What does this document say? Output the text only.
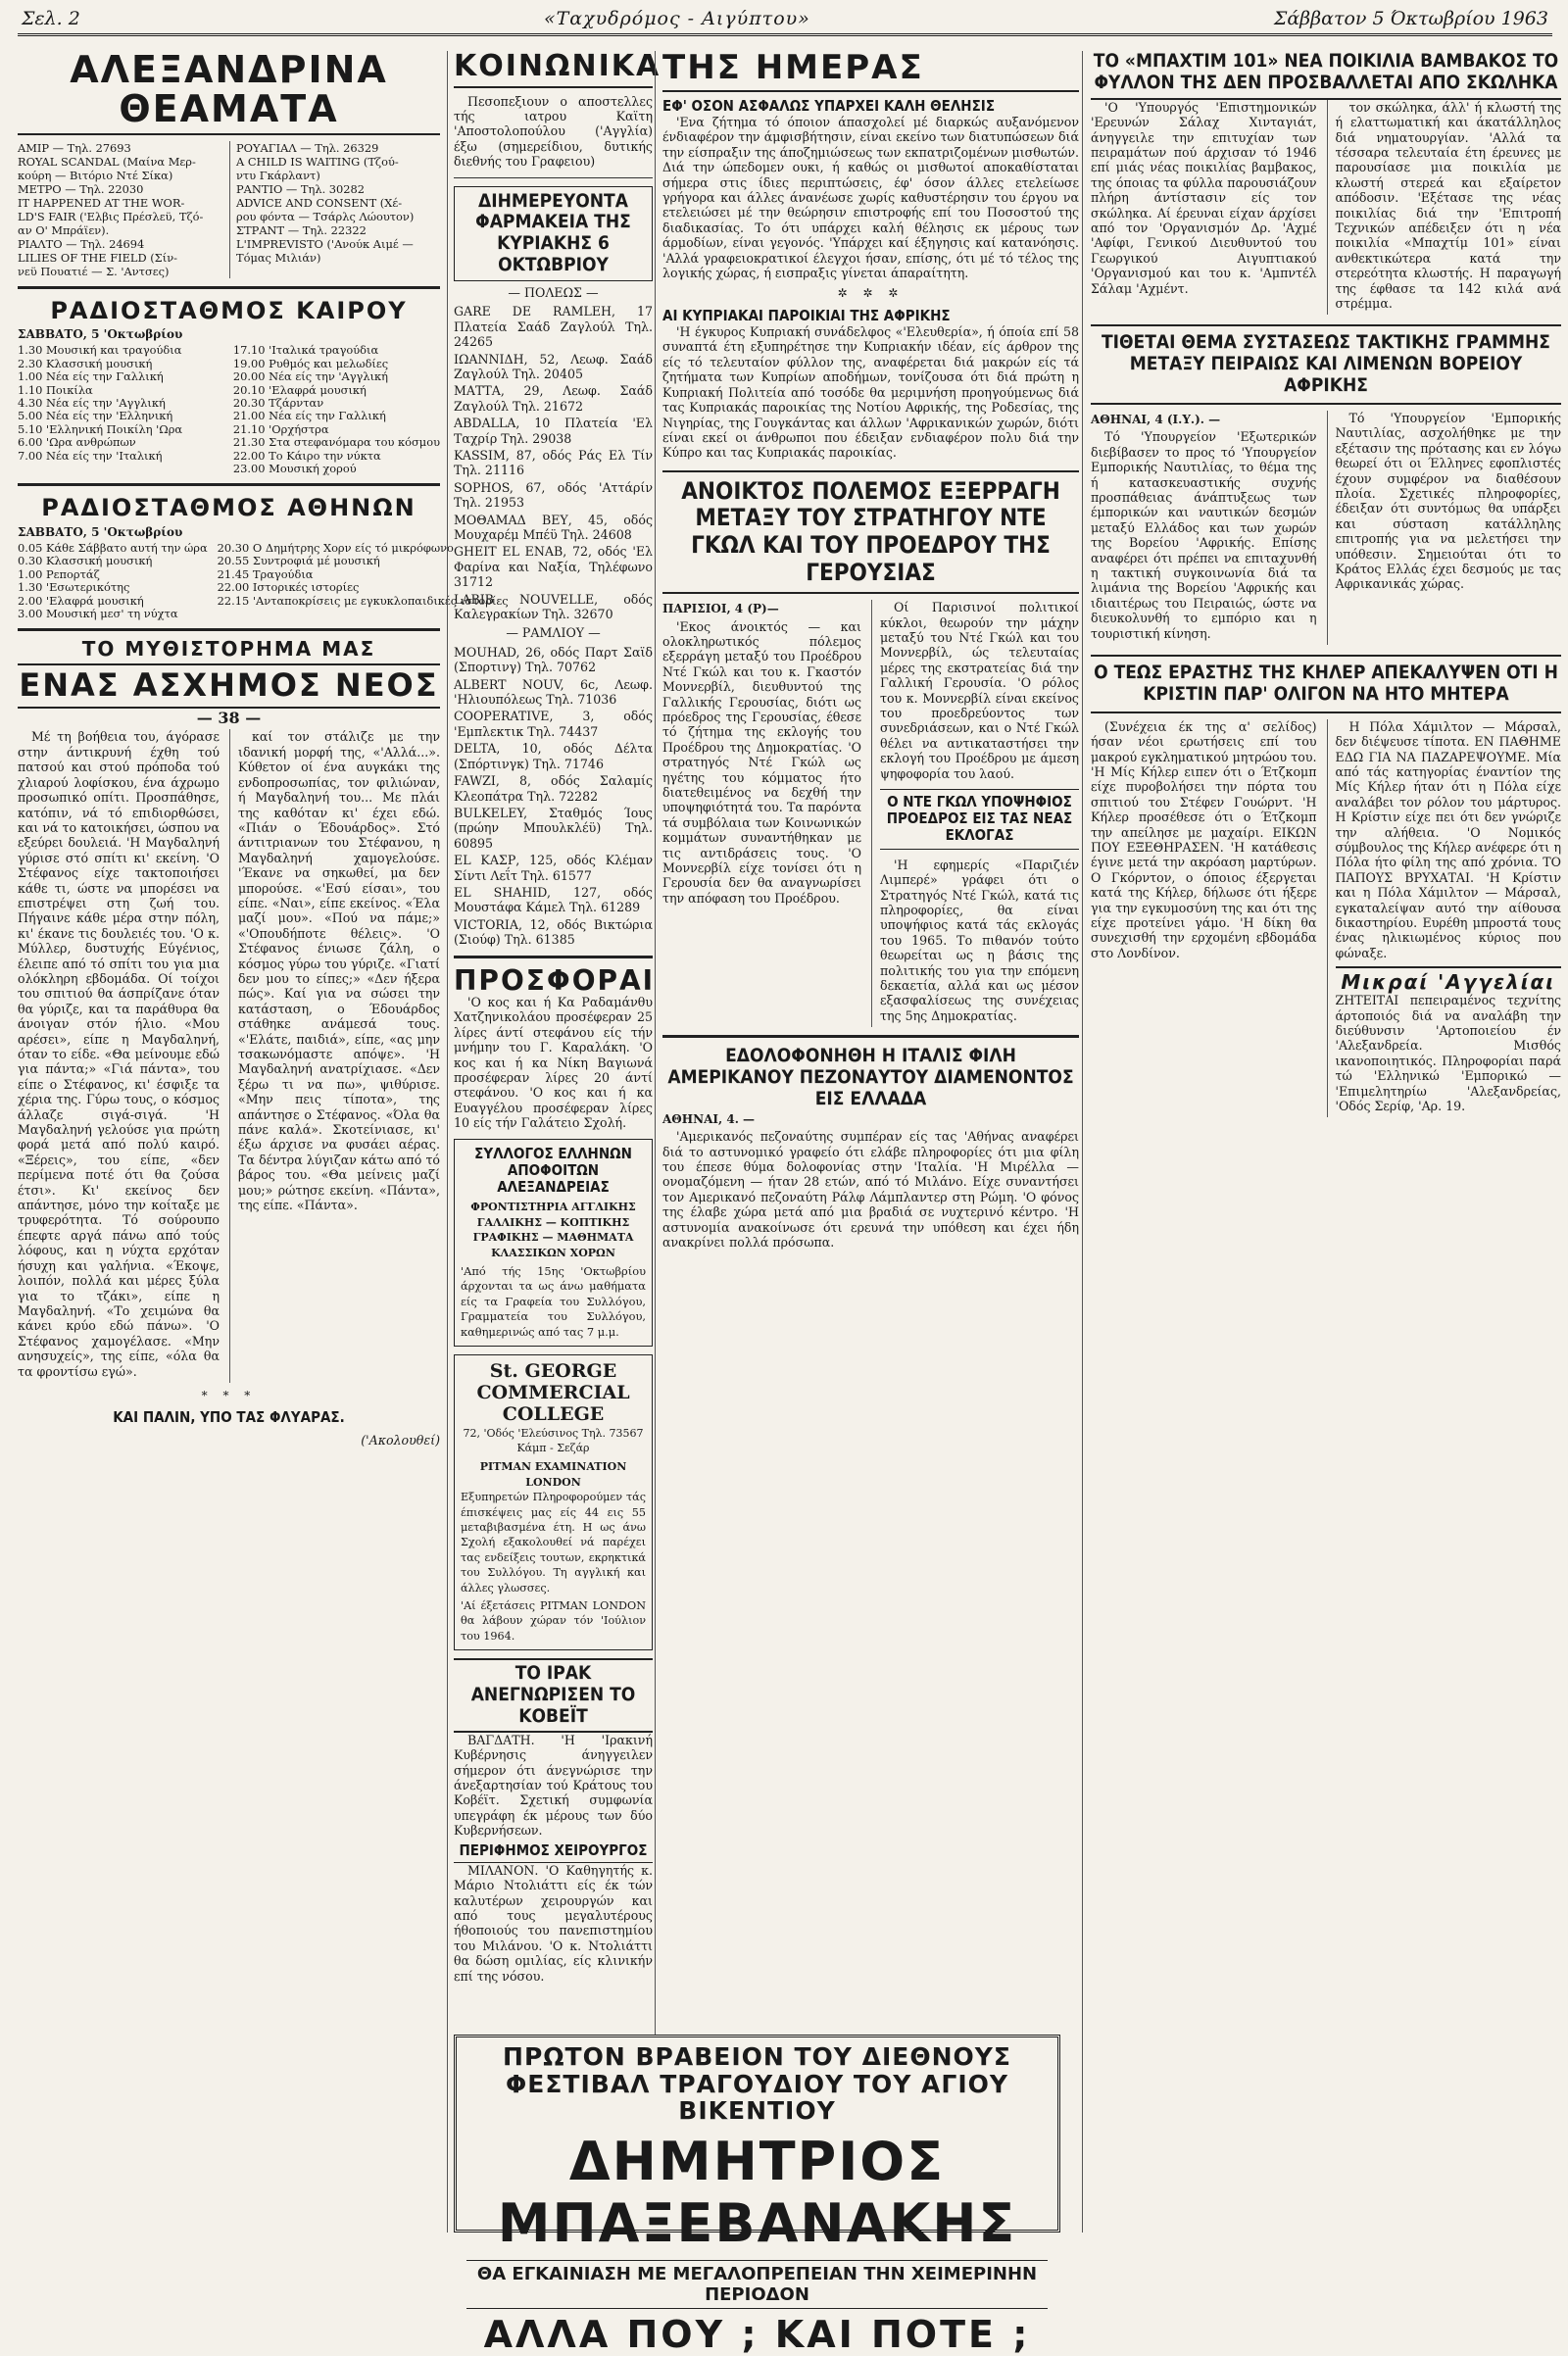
Σελ. 2	«Ταχυδρόμος - Αιγύπτου»	Σάββατον 5 Όκτωβρίου 1963
ΑΛΕΞΑΝΔΡΙΝΑ ΘΕΑΜΑΤΑ
ΑΜΙΡ — Τηλ. 27693
ROYAL SCANDAL (Μαίνα Μερ-
κούρη — Βιτόριο Ντέ Σίκα)
ΜΕΤΡΟ — Τηλ. 22030
IT HAPPENED AT THE WOR-
LD'S FAIR ('Ελβις Πρέσλεϋ, Τζό-
αν Ο' Μπράϊεν).
ΡΙΑΛΤΟ — Τηλ. 24694
LILIES OF THE FIELD (Σίν-
νεϋ Πουατιέ — Σ. 'Αντσες)
ΡΟΥΑΓΙΑΛ — Τηλ. 26329
A CHILD IS WAITING (Τζού-
ντυ Γκάρλαντ)
ΡΑΝΤΙΟ — Τηλ. 30282
ADVICE AND CONSENT (Χέ-
ρου φόντα — Τσάρλς Λώουτον)
ΣΤΡΑΝΤ — Τηλ. 22322
L'IMPREVISTO ('Ανούκ Αιμέ —
Τόμας Μιλιάν)
ΡΑΔΙΟΣΤΑΘΜΟΣ ΚΑΙΡΟΥ
ΣΑΒΒΑΤΟ, 5 'Οκτωβρίου
1.30 Μουσική και τραγούδια
2.30 Κλασσική μουσική
1.00 Νέα είς την Γαλλική
1.10 Ποικίλα
4.30 Νέα είς την 'Αγγλική
5.00 Νέα είς την 'Ελληνική
5.10 'Ελληνική Ποικίλη 'Ωρα
6.00 'Ωρα ανθρώπων
7.00 Νέα είς την 'Ιταλική
17.10 'Ιταλικά τραγούδια
19.00 Ρυθμός και μελωδίες
20.00 Νέα είς την 'Αγγλική
20.10 'Ελαφρά μουσική
20.30 Τζάρνταν
21.00 Νέα είς την Γαλλική
21.10 'Ορχήστρα
21.30 Στα στεφανόμαρα του κόσμου
22.00 Το Κάιρο την νύκτα
23.00 Μουσική χορού
ΡΑΔΙΟΣΤΑΘΜΟΣ ΑΘΗΝΩΝ
ΣΑΒΒΑΤΟ, 5 'Οκτωβρίου
0.05 Κάθε Σάββατο αυτή την ώρα
0.30 Κλασσική μουσική
1.00 Ρεπορτάζ
1.30 'Εσωτερικότης
2.00 'Ελαφρά μουσική
3.00 Μουσική μεσ' τη νύχτα
20.30 Ο Δημήτρης Χορν είς τό μικρόφωνο
20.55 Συντροφιά μέ μουσική
21.45 Τραγούδια
22.00 Ιστορικές ιστορίες
22.15 'Ανταποκρίσεις με εγκυκλοπαιδικές ιστορίες
ΤΟ ΜΥΘΙΣΤΟΡΗΜΑ ΜΑΣ
ΕΝΑΣ ΑΣΧΗΜΟΣ ΝΕΟΣ
— 38 —

Μέ τη βοήθεια του, άγόρασε στην άντικρυνή έχθη τού πατσού και στού πρόποδα τού χλιαρού λοφίσκου, ένα άχρωμο προσωπικό οπίτι. Προσπάθησε, κατόπιν, νά τό επιδιορθώσει, και νά το κατοικήσει, ώσπου να εξεύρει δουλειά. 'Η Μαγδαληνή γύρισε στό σπίτι κι' εκείνη. 'Ο Στέφανος είχε τακτοποιήσει κάθε τι, ώστε να μπορέσει να επιστρέψει στη ζωή του. Πήγαινε κάθε μέρα στην πόλη, κι' έκανε τις δουλειές του. 'Ο κ. Μύλλερ, δυστυχής Εύγένιος, έλειπε από τό σπίτι του για μια ολόκληρη εβδομάδα. Οί τοίχοι του σπιτιού θα άσπρίζανε όταν θα γύριζε, και τα παράθυρα θα άνοιγαν στόν ήλιο. «Μου αρέσει», είπε η Μαγδαληνή, όταν το είδε. «Θα μείνουμε εδώ για πάντα;» «Γιά πάντα», του είπε ο Στέφανος, κι' έσφιξε τα χέρια της. Γύρω τους, ο κόσμος άλλαζε σιγά-σιγά. 'Η Μαγδαληνή γελούσε για πρώτη φορά μετά από πολύ καιρό. «Ξέρεις», του είπε, «δεν περίμενα ποτέ ότι θα ζούσα έτσι». Κι' εκείνος δεν απάντησε, μόνο την κοίταξε με τρυφερότητα. Τό σούρουπο έπεφτε αργά πάνω από τούς λόφους, και η νύχτα ερχόταν ήσυχη και γαλήνια. «Έκοψε, λοιπόν, πολλά και μέρες ξύλα για το τζάκι», είπε η Μαγδαληνή. «Το χειμώνα θα κάνει κρύο εδώ πάνω». 'Ο Στέφανος χαμογέλασε. «Μην ανησυχείς», της είπε, «όλα θα τα φροντίσω εγώ».

καί τον στάλιζε με την ιδανική μορφή της, «'Αλλά...». Κύθετον οί ένα αυγκάκι της ενδοπροσωπίας, τον φιλιώναν, ή Μαγδαληνή του... Με πλάι της καθόταν κι' έχει εδώ. «Πιάν ο Έδουάρδος». Στό άντιτριανων του Στέφανου, η Μαγδαληνή χαμογελούσε. 'Έκανε να σηκωθεί, μα δεν μπορούσε. «'Εσύ είσαι», του είπε. «Ναι», είπε εκείνος. «Έλα μαζί μου». «Πού να πάμε;» «'Οπουδήποτε θέλεις». 'Ο Στέφανος ένιωσε ζάλη, ο κόσμος γύρω του γύριζε. «Γιατί δεν μου το είπες;» «Δεν ήξερα πώς». Καί για να σώσει την κατάσταση, ο Έδουάρδος στάθηκε ανάμεσά τους. «'Ελάτε, παιδιά», είπε, «ας μην τσακωνόμαστε απόψε». 'Η Μαγδαληνή ανατρίχιασε. «Δεν ξέρω τι να πω», ψιθύρισε. «Μην πεις τίποτα», της απάντησε ο Στέφανος. «Όλα θα πάνε καλά». Σκοτείνιασε, κι' έξω άρχισε να φυσάει αέρας. Τα δέντρα λύγιζαν κάτω από τό βάρος του. «Θα μείνεις μαζί μου;» ρώτησε εκείνη. «Πάντα», της είπε. «Πάντα».

* * *
ΚΑΙ ΠΑΛΙΝ, ΥΠΟ ΤΑΣ ΦΛΥΑΡΑΣ.
('Ακολουθεί)
ΚΟΙΝΩΝΙΚΑ

Πεσοπεξιουν ο αποστελλες τής ιατρου Καϊτη 'Αποστολοπούλου ('Αγγλία) έξω (σημερείδιου, δυτικής διεθνής του Γραφειου)

ΔΙΗΜΕΡΕΥΟΝΤΑ ΦΑΡΜΑΚΕΙΑ ΤΗΣ ΚΥΡΙΑΚΗΣ 6 ΟΚΤΩΒΡΙΟΥ
— ΠΟΛΕΩΣ —
GARE DE RAMLEH, 17 Πλατεία Σαάδ Ζαγλούλ Τηλ. 24265
ΙΩΑΝΝΙΔΗ, 52, Λεωφ. Σαάδ Ζαγλούλ Τηλ. 20405
ΜΑΤΤΑ, 29, Λεωφ. Σαάδ Ζαγλούλ Τηλ. 21672
ABDALLA, 10 Πλατεία 'Ελ Ταχρίρ Τηλ. 29038
KASSIM, 87, οδός Ράς Ελ Τίν Τηλ. 21116
SOPHOS, 67, οδός 'Αττάρίν Τηλ. 21953
ΜΟΘΑΜΑΔ ΒΕΥ, 45, οδός Μουχαρέμ Μπέϋ Τηλ. 24608
GHEIT EL ENAB, 72, οδός 'Ελ Φαρίνα και Ναξία, Τηλέφωνο 31712
LABIB NOUVELLE, οδός Καλεγρακίων Τηλ. 32670
— ΡΑΜΛΙΟΥ —
MOUHAD, 26, οδός Παρτ Σαϊδ (Σπορτινγ) Τηλ. 70762
ALBERT NOUV, 6c, Λεωφ. 'Ηλιουπόλεως Τηλ. 71036
COOPERATIVE, 3, οδός 'Εμπλεκτικ Τηλ. 74437
DELTA, 10, οδός Δέλτα (Σπόρτινγκ) Τηλ. 71746
FAWZI, 8, οδός Σαλαμίς Κλεοπάτρα Τηλ. 72282
BULKELEY, Σταθμός Ίους (πρώην Μπουλκλέϋ) Τηλ. 60895
ΕL ΚΑΣΡ, 125, οδός Κλέμαν Σίντι Λεΐτ Τηλ. 61577
EL SHAHID, 127, οδός Μουστάφα Κάμελ Τηλ. 61289
VICTORIA, 12, οδός Βικτώρια (Σιούφ) Τηλ. 61385
ΠΡΟΣΦΟΡΑΙ

'Ο κος και ή Κα Ραδαμάνθυ Χατζηνικολάου προσέφεραν 25 λίρες άντί στεφάνου είς τήν μνήμην του Γ. Καραλάκη. 'Ο κος και ή κα Νίκη Βαγιωνά προσέφεραν λίρες 20 άντί στεφάνου. 'Ο κος και ή κα Ευαγγέλου προσέφεραν λίρες 10 είς τήν Γαλάτειο Σχολή.

ΣΥΛΛΟΓΟΣ ΕΛΛΗΝΩΝ ΑΠΟΦΟΙΤΩΝ ΑΛΕΞΑΝΔΡΕΙΑΣ
ΦΡΟΝΤΙΣΤΗΡΙΑ ΑΓΓΛΙΚΗΣ ΓΑΛΛΙΚΗΣ — ΚΟΠΤΙΚΗΣ ΓΡΑΦΙΚΗΣ — ΜΑΘΗΜΑΤΑ ΚΛΑΣΣΙΚΩΝ ΧΟΡΩΝ
'Από τής 15ης 'Οκτωβρίου άρχονται τα ως άνω μαθήματα είς τα Γραφεία του Συλλόγου, Γραμματεία του Συλλόγου, καθημερινώς από τας 7 μ.μ.
St. GEORGE COMMERCIAL COLLEGE
72, 'Οδός 'Ελεύσινος Τηλ. 73567 Κάμπ - Σεζάρ
PITMAN EXAMINATION LONDON
Εξυπηρετών Πληροφορούμεν τάς έπισκέψεις μας είς 44 εις 55 μεταβιβασμένα έτη. Η ως άνω Σχολή εξακολουθεί νά παρέχει τας ενδείξεις τουτων, εκρηκτικά του Συλλόγου. Τη αγγλική και άλλες γλωσσες.
'Αί έξετάσεις PITMAN LONDON θα λάβουν χώραν τόν 'Ιούλιον του 1964.
ΤΟ ΙΡΑΚ ΑΝΕΓΝΩΡΙΣΕΝ ΤΟ ΚΟΒΕΪΤ

ΒΑΓΔΑΤΗ. 'Η 'Ιρακινή Κυβέρνησις άνηγγειλεν σήμερον ότι άνεγνώρισε την άνεξαρτησίαν τού Κράτους του Κοβέϊτ. Σχετική συμφωνία υπεγράφη έκ μέρους των δύο Κυβερνήσεων.

ΠΕΡΙΦΗΜΟΣ ΧΕΙΡΟΥΡΓΟΣ

ΜΙΛΑΝΟΝ. 'Ο Καθηγητής κ. Μάριο Ντολιάττι είς έκ τών καλυτέρων χειρουργών και από τους μεγαλυτέρους ήθοποιούς του πανεπιστημίου του Μιλάνου. 'Ο κ. Ντολιάττι θα δώση ομιλίας, είς κλινικήν επί της νόσου.

ΤΗΣ ΗΜΕΡΑΣ
ΕΦ' ΟΣΟΝ ΑΣΦΑΛΩΣ ΥΠΑΡΧΕΙ ΚΑΛΗ ΘΕΛΗΣΙΣ

'Ενα ζήτημα τό όποιον άπασχολεί μέ διαρκώς αυξανόμενον ένδιαφέρον την άμφισβήτησιν, είναι εκείνο των διατυπώσεων διά την είσπραξιν της άποζημιώσεως των εκπατριζομένων μισθωτών. Διά την ώπεδομεν ουκι, ή καθώς οι μισθωτοί αποκαθίσταται σήμερα στις ίδιες περιπτώσεις, έφ' όσον άλλες ετελείωσε γρήγορα και άλλες άνανέωσε χωρίς καθυστέρησιν του έργου να ετελειώσει μέ την θεώρησιν επιστροφής επί του Ποσοστού της διαδικασίας. Το ότι υπάρχει καλή θέλησις εκ μέρους των άρμοδίων, είναι γεγονός. 'Υπάρχει καί έξηγησις καί κατανόησις. 'Αλλά γραφειοκρατικοί έλεγχοι ήσαν, επίσης, ότι μέ τό τέλος της λογικής χώρας, ή εισπραξις γίνεται άπαραίτητη.

✲ ✲ ✲
ΑΙ ΚΥΠΡΙΑΚΑΙ ΠΑΡΟΙΚΙΑΙ ΤΗΣ ΑΦΡΙΚΗΣ

'Η έγκυρος Κυπριακή συνάδελφος «'Ελευθερία», ή όποία επί 58 συναπτά έτη εξυπηρέτησε την Κυπριακήν ιδέαν, είς άρθρον της είς τό τελευταίον φύλλον της, αναφέρεται διά μακρών είς τά ζητήματα των Κυπρίων αποδήμων, τονίζουσα ότι διά πρώτη η Κυπριακή Πολιτεία από τοσόδε θα μεριμνήση προηγούμενως διά τας Κυπριακάς παροικίας της Νοτίου Αφρικής, της Ροδεσίας, της Νιγηρίας, της Γουγκάντας και άλλων 'Αφρικανικών χωρών, διότι είναι εκεί οι άνθρωποι που έδειξαν ενδιαφέρον πολυ διά την Κύπρο και τας Κυπριακάς παροικίας.

ΑΝΟΙΚΤΟΣ ΠΟΛΕΜΟΣ ΕΞΕΡΡΑΓΗ
ΜΕΤΑΞΥ ΤΟΥ ΣΤΡΑΤΗΓΟΥ ΝΤΕ ΓΚΩΛ ΚΑΙ ΤΟΥ ΠΡΟΕΔΡΟΥ ΤΗΣ ΓΕΡΟΥΣΙΑΣ
ΠΑΡΙΣΙΟΙ, 4 (Ρ)—

'Εκος άνοικτός — και ολοκληρωτικός πόλεμος εξερράγη μεταξύ του Προέδρου Ντέ Γκώλ και του κ. Γκαστόν Μοννερβίλ, διευθυντού της Γαλλικής Γερουσίας, διότι ως πρόεδρος της Γερουσίας, έθεσε τό ζήτημα της εκλογής του Προέδρου της Δημοκρατίας. 'Ο στρατηγός Ντέ Γκώλ ως ηγέτης του κόμματος ήτο διατεθειμένος να δεχθή την υποψηφιότητά του. Τα παρόντα τά συμβόλαια των Κοινωνικών κομμάτων συναντήθηκαν με τις αντιδράσεις τους. 'Ο Μοννερβίλ είχε τονίσει ότι η Γερουσία δεν θα αναγνωρίσει την απόφαση του Προέδρου.

Οί Παρισινοί πολιτικοί κύκλοι, θεωρούν την μάχην μεταξύ του Ντέ Γκώλ και του Μοννερβίλ, ώς τελευταίας μέρες της εκστρατείας διά την Γαλλική Γερουσία. 'Ο ρόλος του κ. Μοννερβίλ είναι εκείνος του προεδρεύοντος των συνεδριάσεων, και ο Ντέ Γκώλ θέλει να αντικαταστήσει την εκλογή του Προέδρου με άμεση ψηφοφορία του λαού.

Ο ΝΤΕ ΓΚΩΛ ΥΠΟΨΗΦΙΟΣ ΠΡΟΕΔΡΟΣ ΕΙΣ ΤΑΣ ΝΕΑΣ ΕΚΛΟΓΑΣ

'Η εφημερίς «Παριζιέν Λιμπερέ» γράφει ότι ο Στρατηγός Ντέ Γκώλ, κατά τις πληροφορίες, θα είναι υποψήφιος κατά τάς εκλογάς του 1965. Το πιθανόν τούτο θεωρείται ως η βάσις της πολιτικής του για την επόμενη δεκαετία, αλλά και ως μέσον εξασφαλίσεως της συνέχειας της 5ης Δημοκρατίας.

ΕΔΟΛΟΦΟΝΗΘΗ Η ΙΤΑΛΙΣ ΦΙΛΗ ΑΜΕΡΙΚΑΝΟΥ ΠΕΖΟΝΑΥΤΟΥ ΔΙΑΜΕΝΟΝΤΟΣ ΕΙΣ ΕΛΛΑΔΑ
ΑΘΗΝΑΙ, 4. —

'Αμερικανός πεζοναύτης συμπέραν είς τας 'Αθήνας αναφέρει διά το αστυνομικό γραφείο ότι ελάβε πληροφορίες ότι μια φίλη του έπεσε θύμα δολοφονίας στην 'Ιταλία. 'Η Μιρέλλα — ονομαζόμενη — ήταν 28 ετών, από τό Μιλάνο. Είχε συναντήσει τον Αμερικανό πεζοναύτη Ράλφ Λάμπλαντερ στη Ρώμη. 'Ο φόνος της έλαβε χώρα μετά από μια βραδιά σε νυχτερινό κέντρο. 'Η αστυνομία ανακοίνωσε ότι ερευνά την υπόθεση και έχει ήδη ανακρίνει πολλά πρόσωπα.

ΤΟ «ΜΠΑΧΤΙΜ 101» ΝΕΑ ΠΟΙΚΙΛΙΑ ΒΑΜΒΑΚΟΣ ΤΟ ΦΥΛΛΟΝ ΤΗΣ ΔΕΝ ΠΡΟΣΒΑΛΛΕΤΑΙ ΑΠΟ ΣΚΩΛΗΚΑ

'Ο 'Υπουργός 'Επιστημονικών 'Ερευνών Σάλαχ Χινταγιάτ, άνηγγειλε την επιτυχίαν των πειραμάτων πού άρχισαν τό 1946 επί μιάς νέας ποικιλίας βαμβακος, της όποιας τα φύλλα παρουσιάζουν πλήρη άντίστασιν είς τον σκώληκα. Αί έρευναι είχαν άρχίσει από τον 'Οργανισμόν Δρ. 'Αχμέ 'Αφίφι, Γενικού Διευθυντού του Γεωργικού Αιγυπτιακού 'Οργανισμού και του κ. 'Αμπντέλ Σάλαμ 'Αχμέντ.

τον σκώληκα, άλλ' ή κλωστή της ή ελαττωματική και άκατάλληλος διά νηματουργίαν. 'Αλλά τα τέσσαρα τελευταία έτη έρευνες με παρουσίασε μια ποικιλία με κλωστή στερεά και εξαίρετον απόδοσιν. 'Εξέτασε της νέας ποικιλίας διά την 'Επιτροπή Τεχνικών απέδειξεν ότι η νέα ποικιλία «Μπαχτίμ 101» είναι ανθεκτικώτερα κατά την στερεότητα κλωστής. Η παραγωγή της έφθασε τα 142 κιλά ανά στρέμμα.

ΤΙΘΕΤΑΙ ΘΕΜΑ ΣΥΣΤΑΣΕΩΣ ΤΑΚΤΙΚΗΣ ΓΡΑΜΜΗΣ ΜΕΤΑΞΥ ΠΕΙΡΑΙΩΣ ΚΑΙ ΛΙΜΕΝΩΝ ΒΟΡΕΙΟΥ ΑΦΡΙΚΗΣ
ΑΘΗΝΑΙ, 4 (Ι.Υ.). —

Τό 'Υπουργείον 'Εξωτερικών διεβίβασεν το προς τό 'Υπουργείον Εμπορικής Ναυτιλίας, το θέμα της ή κατασκευαστικής συχνής προσπάθειας άνάπτυξεως των έμπορικών και ναυτικών δεσμών μεταξύ Ελλάδος και των χωρών της Βορείου 'Αφρικής. Επίσης αναφέρει ότι πρέπει να επιταχυνθή η τακτική συγκοινωνία διά τα λιμάνια της Βορείου 'Αφρικής και ιδιαιτέρως του Πειραιώς, ώστε να διευκολυνθή το εμπόριο και η τουριστική κίνηση.

Τό 'Υπουργείον 'Εμπορικής Ναυτιλίας, ασχολήθηκε με την εξέτασιν της πρότασης και εν λόγω θεωρεί ότι οι Έλληνες εφοπλιστές έχουν συμφέρον να διαθέσουν πλοία. Σχετικές πληροφορίες, έδειξαν ότι συντόμως θα υπάρξει και σύσταση κατάλληλης επιτροπής για να μελετήσει την υπόθεσιν. Σημειούται ότι το Κράτος Ελλάς έχει δεσμούς με τας Αφρικανικάς χώρας.

Ο ΤΕΩΣ ΕΡΑΣΤΗΣ ΤΗΣ ΚΗΛΕΡ ΑΠΕΚΑΛΥΨΕΝ ΟΤΙ Η ΚΡΙΣΤΙΝ ΠΑΡ' ΟΛΙΓΟΝ ΝΑ ΗΤΟ ΜΗΤΕΡΑ

(Συνέχεια έκ της α' σελίδος) ήσαν νέοι ερωτήσεις επί του μακρού εγκληματικού μητρώου του. 'Η Μίς Κήλερ ειπεν ότι ο Έτζκομπ είχε πυροβολήσει την πόρτα του σπιτιού του Στέφεν Γουώρντ. 'Η Κήλερ προσέθεσε ότι ο Έτζκομπ την απείλησε με μαχαίρι. ΕΙΚΩΝ ΠΟΥ ΕΞΕΘΗΡΑΣΕΝ. 'Η κατάθεσις έγινε μετά την ακρόαση μαρτύρων. Ο Γκόρντον, ο όποιος έξεργεται κατά της Κήλερ, δήλωσε ότι ήξερε για την εγκυμοσύνη της και ότι της είχε προτείνει γάμο. 'Η δίκη θα συνεχισθή την ερχομένη εβδομάδα στο Λονδίνον.

Η Πόλα Χάμιλτον — Μάρσαλ, δεν διέψευσε τίποτα. ΕΝ ΠΑΘΗΜΕ ΕΔΩ ΓΙΑ ΝΑ ΠΑΖΑΡΕΨΟΥΜΕ. Μία από τάς κατηγορίας έναντίον της Μίς Κήλερ ήταν ότι η Πόλα είχε αναλάβει τον ρόλον του μάρτυρος. Η Κρίστιν είχε πει ότι δεν γνώριζε την αλήθεια. 'Ο Νομικός σύμβουλος της Κήλερ ανέφερε ότι η Πόλα ήτο φίλη της από χρόνια. ΤΟ ΠΑΠΟΥΣ ΒΡΥΧΑΤΑΙ. 'Η Κρίστιν και η Πόλα Χάμιλτον — Μάρσαλ, εγκαταλείψαν αυτό την αίθουσα δικαστηρίου. Ευρέθη μπροστά τους ένας ηλικιωμένος κύριος που φώναξε.

Μικραί 'Αγγελίαι

ΖΗΤΕΙΤΑΙ πεπειραμένος τεχνίτης άρτοποιός διά να αναλάβη την διεύθυνσιν 'Αρτοποιείου έν 'Αλεξανδρεία. Μισθός ικανοποιητικός. Πληροφορίαι παρά τώ 'Ελληνικώ 'Εμπορικώ — 'Επιμελητηρίω 'Αλεξανδρείας, 'Οδός Σερίφ, 'Αρ. 19.

ΠΡΩΤΟΝ ΒΡΑΒΕΙΟΝ ΤΟΥ ΔΙΕΘΝΟΥΣ ΦΕΣΤΙΒΑΛ ΤΡΑΓΟΥΔΙΟΥ ΤΟΥ ΑΓΙΟΥ ΒΙΚΕΝΤΙΟΥ
ΔΗΜΗΤΡΙΟΣ ΜΠΑΞΕΒΑΝΑΚΗΣ
ΘΑ ΕΓΚΑΙΝΙΑΣΗ ΜΕ ΜΕΓΑΛΟΠΡΕΠΕΙΑΝ ΤΗΝ ΧΕΙΜΕΡΙΝΗΝ ΠΕΡΙΟΔΟΝ
ΑΛΛΑ ΠΟΥ ; ΚΑΙ ΠΟΤΕ ;
